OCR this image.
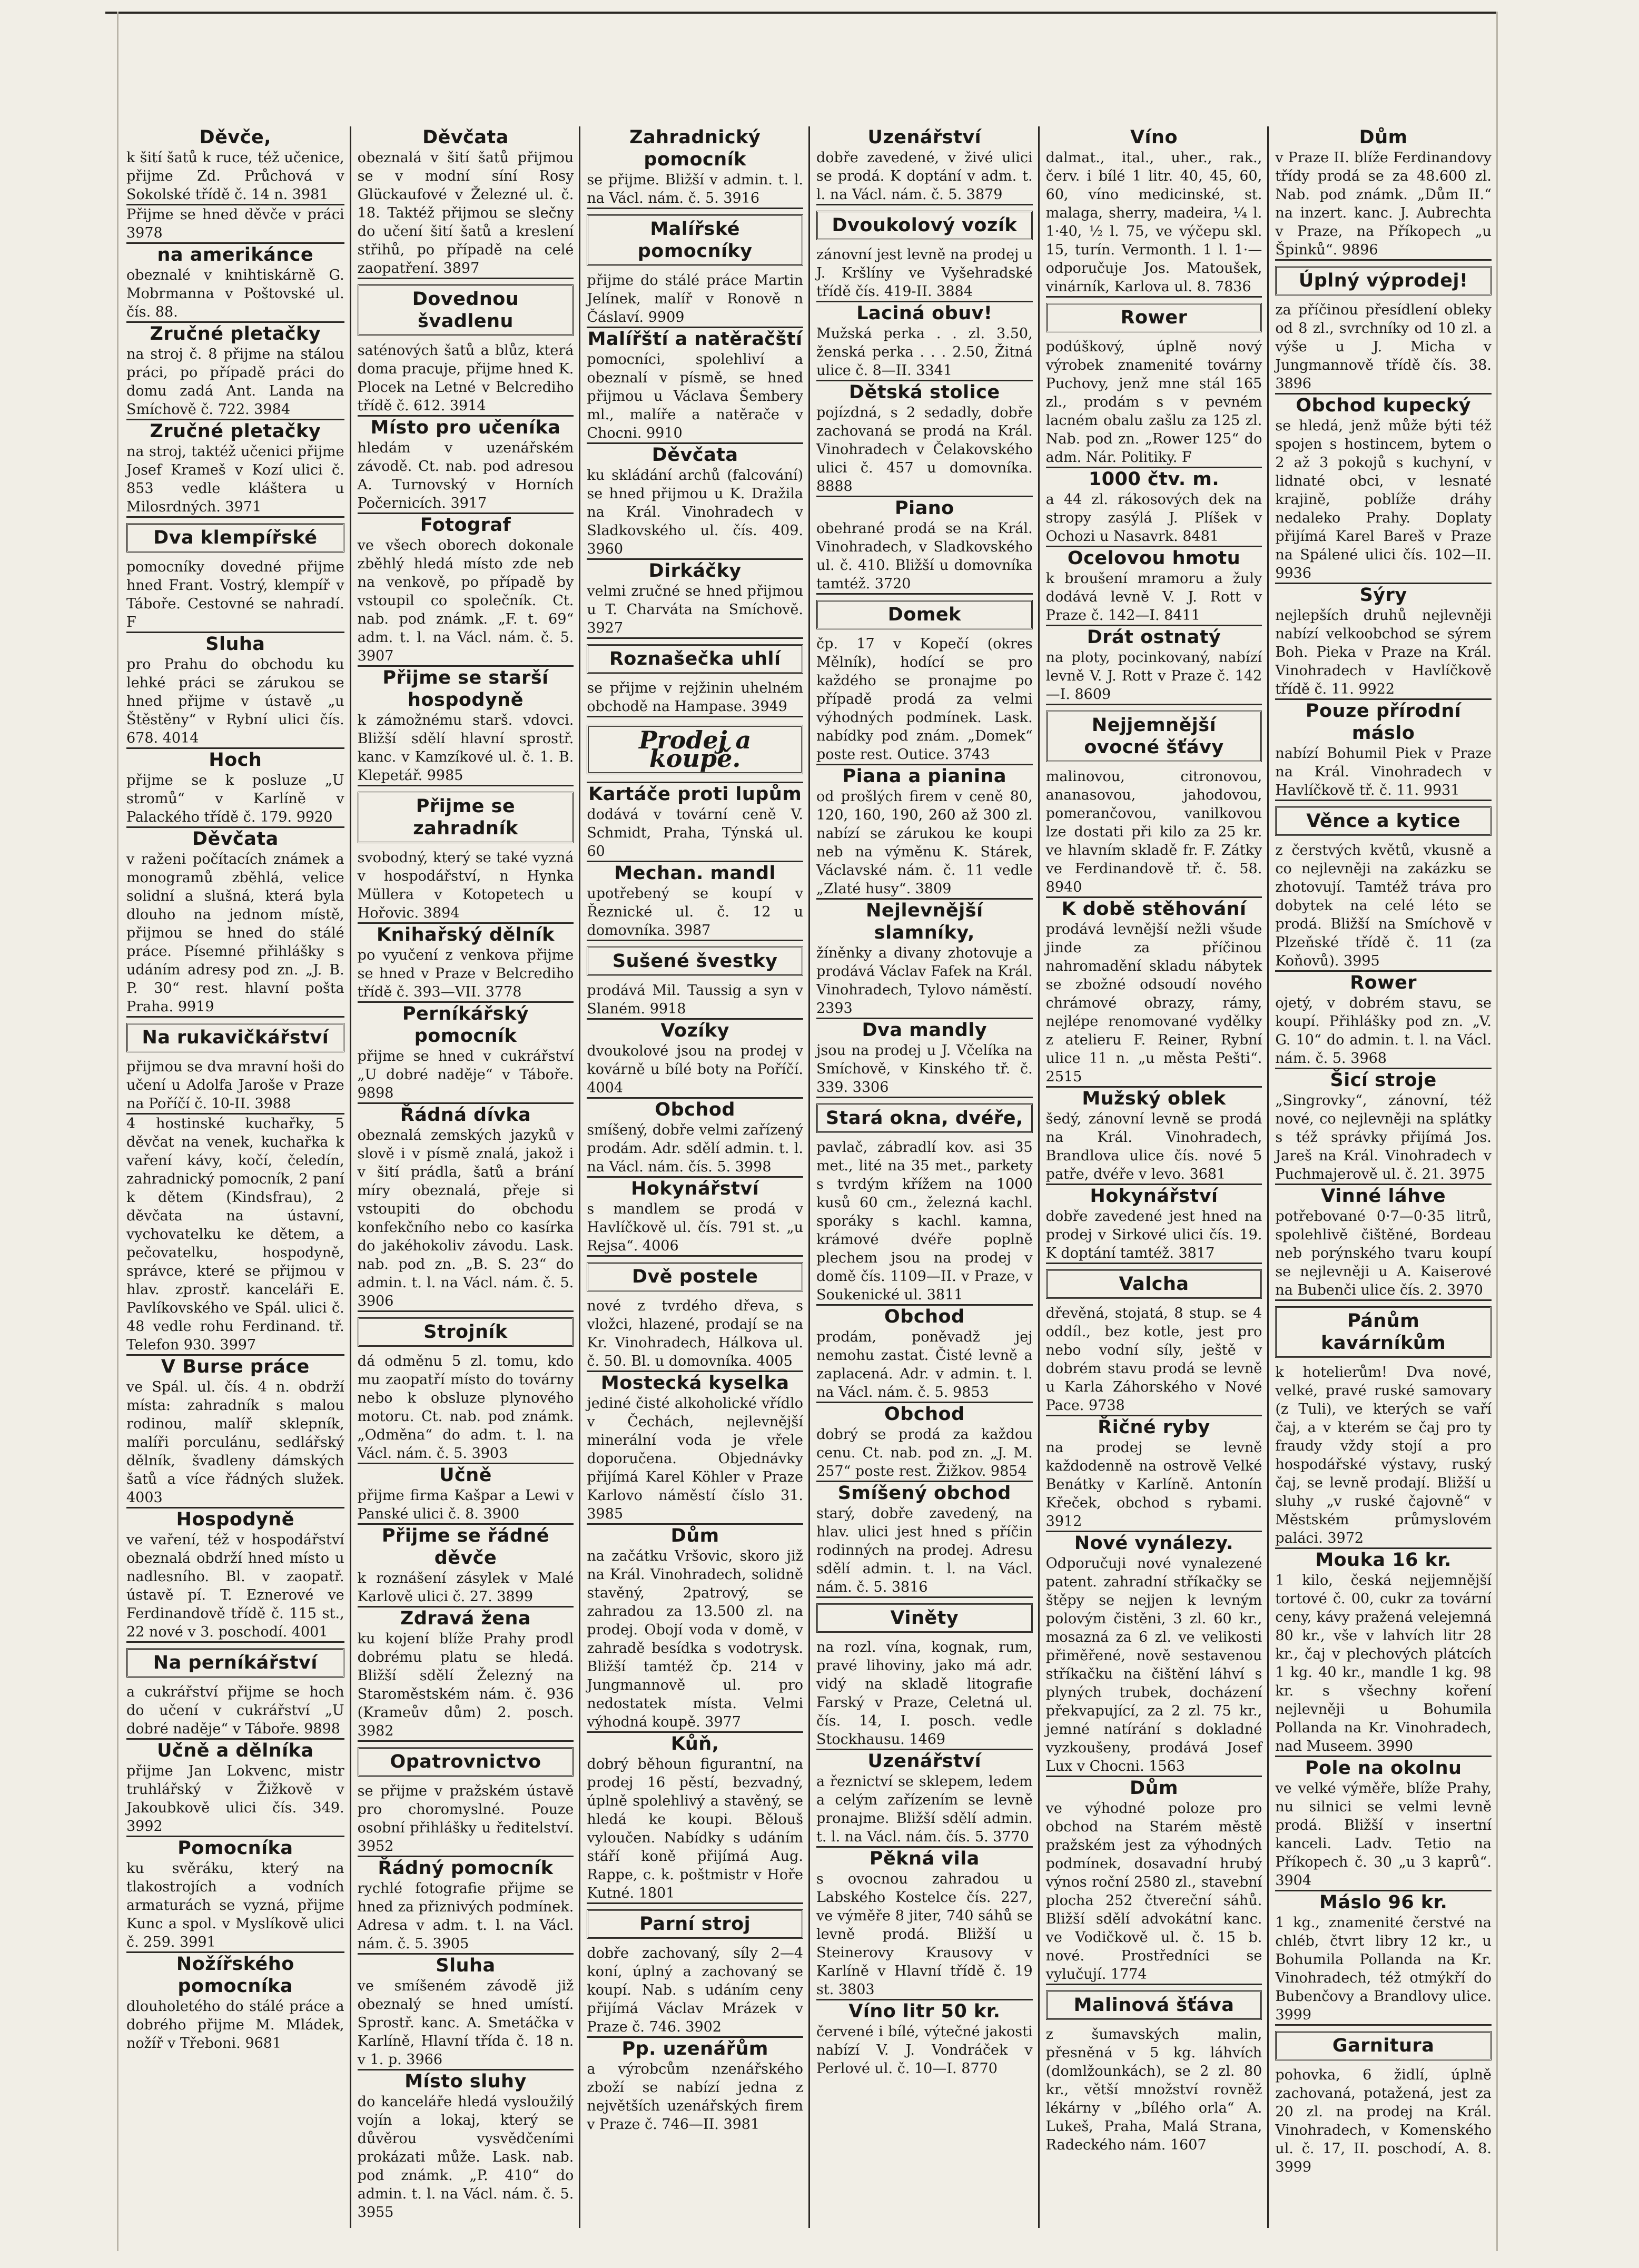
Děvče,
k šití šatů k ruce, též učenice, přijme Zd. Průchová v Sokolské třídě č. 14 n. 3981
Přijme se hned děvče v práci 3978
na amerikánce
obeznalé v knihtiskárně G. Mobrmanna v Poštovské ul. čís. 88.
Zručné pletačky
na stroj č. 8 přijme na stálou práci, po případě práci do domu zadá Ant. Landa na Smíchově č. 722. 3984
Zručné pletačky
na stroj, taktéž učenici přijme Josef Krameš v Kozí ulici č. 853 vedle kláštera u Milosrdných. 3971
Dva klempířské
pomocníky dovedné přijme hned Frant. Vostrý, klempíř v Táboře. Cestovné se nahradí. F
Sluha
pro Prahu do obchodu ku lehké práci se zárukou se hned přijme v ústavě „u Štěstěny“ v Rybní ulici čís. 678. 4014
Hoch
přijme se k posluze „U stromů“ v Karlíně v Palackého třídě č. 179. 9920
Děvčata
v raženi počítacích známek a monogramů zběhlá, velice solidní a slušná, která byla dlouho na jednom místě, přijmou se hned do stálé práce. Písemné přihlášky s udáním adresy pod zn. „J. B. P. 30“ rest. hlavní pošta Praha. 9919
Na rukavičkářství
přijmou se dva mravní hoši do učení u Adolfa Jaroše v Praze na Poříčí č. 10-II. 3988
4 hostinské kuchařky, 5 děvčat na venek, kuchařka k vaření kávy, kočí, čeledín, zahradnický pomocník, 2 paní k dětem (Kindsfrau), 2 děvčata na ústavní, vychovatelku ke dětem, a pečovatelku, hospodyně, správce, které se přijmou v hlav. zprostř. kanceláři E. Pavlíkovského ve Spál. ulici č. 48 vedle rohu Ferdinand. tř. Telefon 930. 3997
V Burse práce
ve Spál. ul. čís. 4 n. obdrží místa: zahradník s malou rodinou, malíř sklepník, malíři porculánu, sedlářský dělník, švadleny dámských šatů a více řádných služek. 4003
Hospodyně
ve vaření, též v hospodářství obeznalá obdrží hned místo u nadlesního. Bl. v zaopatř. ústavě pí. T. Eznerové ve Ferdinandově třídě č. 115 st., 22 nové v 3. poschodí. 4001
Na perníkářství
a cukrářství přijme se hoch do učení v cukrářství „U dobré naděje“ v Táboře. 9898
Učně a dělníka
přijme Jan Lokvenc, mistr truhlářský v Žižkově v Jakoubkově ulici čís. 349. 3992
Pomocníka
ku svěráku, který na tlakostrojích a vodních armaturách se vyzná, přijme Kunc a spol. v Myslíkově ulici č. 259. 3991
Nožířského pomocníka
dlouholetého do stálé práce a dobrého přijme M. Mládek, nožíř v Třeboni. 9681
Děvčata
obeznalá v šití šatů přijmou se v modní síní Rosy Glückaufové v Železné ul. č. 18. Taktéž přijmou se slečny do učení šití šatů a kreslení střihů, po případě na celé zaopatření. 3897
Dovednou švadlenu
saténových šatů a blůz, která doma pracuje, přijme hned K. Plocek na Letné v Belcrediho třídě č. 612. 3914
Místo pro učeníka
hledám v uzenářském závodě. Ct. nab. pod adresou A. Turnovský v Horních Počernicích. 3917
Fotograf
ve všech oborech dokonale zběhlý hledá místo zde neb na venkově, po případě by vstoupil co společník. Ct. nab. pod známk. „F. t. 69“ adm. t. l. na Václ. nám. č. 5. 3907
Přijme se starší hospodyně
k zámožnému starš. vdovci. Bližší sdělí hlavní sprostř. kanc. v Kamzíkové ul. č. 1. B. Klepetář. 9985
Přijme se zahradník
svobodný, který se také vyzná v hospodářství, n Hynka Müllera v Kotopetech u Hořovic. 3894
Knihařský dělník
po vyučení z venkova přijme se hned v Praze v Belcrediho třídě č. 393—VII. 3778
Perníkářský pomocník
přijme se hned v cukrářství „U dobré naděje“ v Táboře. 9898
Řádná dívka
obeznalá zemských jazyků v slově i v písmě znalá, jakož i v šití prádla, šatů a brání míry obeznalá, přeje si vstoupiti do obchodu konfekčního nebo co kasírka do jakéhokoliv závodu. Lask. nab. pod zn. „B. S. 23“ do admin. t. l. na Václ. nám. č. 5. 3906
Strojník
dá odměnu 5 zl. tomu, kdo mu zaopatří místo do továrny nebo k obsluze plynového motoru. Ct. nab. pod známk. „Odměna“ do adm. t. l. na Václ. nám. č. 5. 3903
Učně
přijme firma Kašpar a Lewi v Panské ulici č. 8. 3900
Přijme se řádné děvče
k roznášení zásylek v Malé Karlově ulici č. 27. 3899
Zdravá žena
ku kojení blíže Prahy prodl dobrému platu se hledá. Bližší sdělí Železný na Staroměstském nám. č. 936 (Krameův dům) 2. posch. 3982
Opatrovnictvo
se přijme v pražském ústavě pro choromyslné. Pouze osobní přihlášky u ředitelství. 3952
Řádný pomocník
rychlé fotografie přijme se hned za přiznivých podmínek. Adresa v adm. t. l. na Václ. nám. č. 5. 3905
Sluha
ve smíšeném závodě již obeznalý se hned umístí. Sprostř. kanc. A. Smetáčka v Karlíně, Hlavní třída č. 18 n. v 1. p. 3966
Místo sluhy
do kanceláře hledá vysloužilý vojín a lokaj, který se důvěrou vysvědčeními prokázati může. Lask. nab. pod známk. „P. 410“ do admin. t. l. na Václ. nám. č. 5. 3955
Zahradnický pomocník
se přijme. Bližší v admin. t. l. na Václ. nám. č. 5. 3916
Malířské pomocníky
přijme do stálé práce Martin Jelínek, malíř v Ronově n Čáslaví. 9909
Malířští a natěračští
pomocníci, spolehliví a obeznalí v písmě, se hned přijmou u Václava Šembery ml., malíře a natěrače v Chocni. 9910
Děvčata
ku skládání archů (falcování) se hned přijmou u K. Dražila na Král. Vinohradech v Sladkovského ul. čís. 409. 3960
Dirkáčky
velmi zručné se hned přijmou u T. Charváta na Smíchově. 3927
Roznašečka uhlí
se přijme v rejžinin uhelném obchodě na Hampase. 3949
Prodej a koupě.
Kartáče proti lupům
dodává v tovární ceně V. Schmidt, Praha, Týnská ul. 60
Mechan. mandl
upotřebený se koupí v Řeznické ul. č. 12 u domovníka. 3987
Sušené švestky
prodává Mil. Taussig a syn v Slaném. 9918
Vozíky
dvoukolové jsou na prodej v kovárně u bílé boty na Poříčí. 4004
Obchod
smíšený, dobře velmi zařízený prodám. Adr. sdělí admin. t. l. na Václ. nám. čís. 5. 3998
Hokynářství
s mandlem se prodá v Havlíčkově ul. čís. 791 st. „u Rejsa“. 4006
Dvě postele
nové z tvrdého dřeva, s vložci, hlazené, prodají se na Kr. Vinohradech, Hálkova ul. č. 50. Bl. u domovníka. 4005
Mostecká kyselka
jediné čisté alkoholické vřídlo v Čechách, nejlevnější minerální voda je vřele doporučena. Objednávky přijímá Karel Köhler v Praze Karlovo náměstí číslo 31. 3985
Dům
na začátku Vršovic, skoro již na Král. Vinohradech, solidně stavěný, 2patrový, se zahradou za 13.500 zl. na prodej. Obojí voda v domě, v zahradě besídka s vodotrysk. Bližší tamtéž čp. 214 v Jungmannově ul. pro nedostatek místa. Velmi výhodná koupě. 3977
Kůň,
dobrý běhoun figurantní, na prodej 16 pěstí, bezvadný, úplně spolehlivý a stavěný, se hledá ke koupi. Bělouš vyloučen. Nabídky s udáním stáří koně přijímá Aug. Rappe, c. k. poštmistr v Hoře Kutné. 1801
Parní stroj
dobře zachovaný, síly 2—4 koní, úplný a zachovaný se koupí. Nab. s udáním ceny přijímá Václav Mrázek v Praze č. 746. 3902
Pp. uzenářům
a výrobcům nzenářského zboží se nabízí jedna z největších uzenářských firem v Praze č. 746—II. 3981
Uzenářství
dobře zavedené, v živé ulici se prodá. K doptání v adm. t. l. na Václ. nám. č. 5. 3879
Dvoukolový vozík
zánovní jest levně na prodej u J. Kršlíny ve Vyšehradské třídě čís. 419-II. 3884
Laciná obuv!
Mužská perka . . zl. 3.50, ženská perka . . . 2.50, Žitná ulice č. 8—II. 3341
Dětská stolice
pojízdná, s 2 sedadly, dobře zachovaná se prodá na Král. Vinohradech v Čelakovského ulici č. 457 u domovníka. 8888
Piano
obehrané prodá se na Král. Vinohradech, v Sladkovského ul. č. 410. Bližší u domovníka tamtéž. 3720
Domek
čp. 17 v Kopečí (okres Mělník), hodící se pro každého se pronajme po případě prodá za velmi výhodných podmínek. Lask. nabídky pod znám. „Domek“ poste rest. Outice. 3743
Piana a pianina
od prošlých firem v ceně 80, 120, 160, 190, 260 až 300 zl. nabízí se zárukou ke koupi neb na výměnu K. Stárek, Václavské nám. č. 11 vedle „Zlaté husy“. 3809
Nejlevnější slamníky,
žíněnky a divany zhotovuje a prodává Václav Fafek na Král. Vinohradech, Tylovo náměstí. 2393
Dva mandly
jsou na prodej u J. Včelíka na Smíchově, v Kinského tř. č. 339. 3306
Stará okna, dvéře,
pavlač, zábradlí kov. asi 35 met., lité na 35 met., parkety s tvrdým křížem na 1000 kusů 60 cm., železná kachl. sporáky s kachl. kamna, krámové dvéře poplně plechem jsou na prodej v domě čís. 1109—II. v Praze, v Soukenické ul. 3811
Obchod
prodám, poněvadž jej nemohu zastat. Čisté levně a zaplacená. Adr. v admin. t. l. na Václ. nám. č. 5. 9853
Obchod
dobrý se prodá za každou cenu. Ct. nab. pod zn. „J. M. 257“ poste rest. Žižkov. 9854
Smíšený obchod
starý, dobře zavedený, na hlav. ulici jest hned s příčin rodinných na prodej. Adresu sdělí admin. t. l. na Václ. nám. č. 5. 3816
Viněty
na rozl. vína, kognak, rum, pravé lihoviny, jako má adr. vidý na skladě litografie Farský v Praze, Celetná ul. čís. 14, I. posch. vedle Stockhausu. 1469
Uzenářství
a řeznictví se sklepem, ledem a celým zařízením se levně pronajme. Bližší sdělí admin. t. l. na Václ. nám. čís. 5. 3770
Pěkná vila
s ovocnou zahradou u Labského Kostelce čís. 227, ve výměře 8 jiter, 740 sáhů se levně prodá. Bližší u Steinerovy Krausovy v Karlíně v Hlavní třídě č. 19 st. 3803
Víno litr 50 kr.
červené i bílé, výtečné jakosti nabízí V. J. Vondráček v Perlové ul. č. 10—I. 8770
Víno
dalmat., ital., uher., rak., červ. i bílé 1 litr. 40, 45, 60, 60, víno medicinské, st. malaga, sherry, madeira, ¼ l. 1·40, ½ l. 75, ve výčepu skl. 15, turín. Vermonth. 1 l. 1·— odporučuje Jos. Matoušek, vinárník, Karlova ul. 8. 7836
Rower
podúškový, úplně nový výrobek znamenité továrny Puchovy, jenž mne stál 165 zl., prodám s v pevném lacném obalu zašlu za 125 zl. Nab. pod zn. „Rower 125“ do adm. Nár. Politiky. F
1000 čtv. m.
a 44 zl. rákosových dek na stropy zasýlá J. Plíšek v Ochozi u Nasavrk. 8481
Ocelovou hmotu
k broušení mramoru a žuly dodává levně V. J. Rott v Praze č. 142—I. 8411
Drát ostnatý
na ploty, pocinkovaný, nabízí levně V. J. Rott v Praze č. 142—I. 8609
Nejjemnější ovocné šťávy
malinovou, citronovou, ananasovou, jahodovou, pomerančovou, vanilkovou lze dostati při kilo za 25 kr. ve hlavním skladě fr. F. Zátky ve Ferdinandově tř. č. 58. 8940
K době stěhování
prodává levnější nežli všude jinde za příčinou nahromadění skladu nábytek se zbožné odsoudí nového chrámové obrazy, rámy, nejlépe renomované vydělky z atelieru F. Reiner, Rybní ulice 11 n. „u města Pešti“. 2515
Mužský oblek
šedý, zánovní levně se prodá na Král. Vinohradech, Brandlova ulice čís. nové 5 patře, dvéře v levo. 3681
Hokynářství
dobře zavedené jest hned na prodej v Sirkové ulici čís. 19. K doptání tamtéž. 3817
Valcha
dřevěná, stojatá, 8 stup. se 4 oddíl., bez kotle, jest pro nebo vodní síly, ještě v dobrém stavu prodá se levně u Karla Záhorského v Nové Pace. 9738
Řičné ryby
na prodej se levně každodenně na ostrově Velké Benátky v Karlíně. Antonín Křeček, obchod s rybami. 3912
Nové vynálezy.
Odporučuji nové vynalezené patent. zahradní stříkačky se štěpy se nejjen k levným polovým čistěni, 3 zl. 60 kr., mosazná za 6 zl. ve velikosti přiměřené, nově sestavenou stříkačku na čištění láhví s plyných trubek, docházení překvapující, za 2 zl. 75 kr., jemné natírání s dokladné vyzkoušeny, prodává Josef Lux v Chocni. 1563
Dům
ve výhodné poloze pro obchod na Starém městě pražském jest za výhodných podmínek, dosavadní hrubý výnos roční 2580 zl., stavební plocha 252 čtvereční sáhů. Bližší sdělí advokátní kanc. ve Vodičkově ul. č. 15 b. nové. Prostředníci se vylučují. 1774
Malinová šťáva
z šumavských malin, přesněná v 5 kg. láhvích (domlžounkách), se 2 zl. 80 kr., větší množství rovněž lékárny v „bílého orla“ A. Lukeš, Praha, Malá Strana, Radeckého nám. 1607
Dům
v Praze II. blíže Ferdinandovy třídy prodá se za 48.600 zl. Nab. pod známk. „Dům II.“ na inzert. kanc. J. Aubrechta v Praze, na Příkopech „u Špinků“. 9896
Úplný výprodej!
za příčinou přesídlení obleky od 8 zl., svrchníky od 10 zl. a výše u J. Micha v Jungmannově třídě čís. 38. 3896
Obchod kupecký
se hledá, jenž může býti též spojen s hostincem, bytem o 2 až 3 pokojů s kuchyní, v lidnaté obci, v lesnaté krajině, poblíže dráhy nedaleko Prahy. Doplaty přijímá Karel Bareš v Praze na Spálené ulici čís. 102—II. 9936
Sýry
nejlepších druhů nejlevněji nabízí velkoobchod se sýrem Boh. Pieka v Praze na Král. Vinohradech v Havlíčkově třídě č. 11. 9922
Pouze přírodní máslo
nabízí Bohumil Piek v Praze na Král. Vinohradech v Havlíčkově tř. č. 11. 9931
Věnce a kytice
z čerstvých květů, vkusně a co nejlevněji na zakázku se zhotovují. Tamtéž tráva pro dobytek na celé léto se prodá. Bližší na Smíchově v Plzeňské třídě č. 11 (za Koňovů). 3995
Rower
ojetý, v dobrém stavu, se koupí. Přihlášky pod zn. „V. G. 10“ do admin. t. l. na Václ. nám. č. 5. 3968
Šicí stroje
„Singrovky“, zánovní, též nové, co nejlevněji na splátky s též správky přijímá Jos. Jareš na Král. Vinohradech v Puchmajerově ul. č. 21. 3975
Vinné láhve
potřebované 0·7—0·35 litrů, spolehlivě čištěné, Bordeau neb porýnského tvaru koupí se nejlevněji u A. Kaiserové na Bubenči ulice čís. 2. 3970
Pánům kavárníkům
k hotelierům! Dva nové, velké, pravé ruské samovary (z Tuli), ve kterých se vaří čaj, a v kterém se čaj pro ty fraudy vždy stojí a pro hospodářské výstavy, ruský čaj, se levně prodají. Bližší u sluhy „v ruské čajovně“ v Městském průmyslovém paláci. 3972
Mouka 16 kr.
1 kilo, česká nejjemnější tortové č. 00, cukr za tovární ceny, kávy pražená velejemná 80 kr., vše v lahvích litr 28 kr., čaj v plechových plátcích 1 kg. 40 kr., mandle 1 kg. 98 kr. s všechny koření nejlevněji u Bohumila Pollanda na Kr. Vinohradech, nad Museem. 3990
Pole na okolnu
ve velké výměře, blíže Prahy, nu silnici se velmi levně prodá. Bližší v insertní kanceli. Ladv. Tetio na Příkopech č. 30 „u 3 kaprů“. 3904
Máslo 96 kr.
1 kg., znamenité čerstvé na chléb, čtvrt libry 12 kr., u Bohumila Pollanda na Kr. Vinohradech, též otmýkří do Bubenčovy a Brandlovy ulice. 3999
Garnitura
pohovka, 6 židlí, úplně zachovaná, potažená, jest za 20 zl. na prodej na Král. Vinohradech, v Komenského ul. č. 17, II. poschodí, A. 8. 3999
